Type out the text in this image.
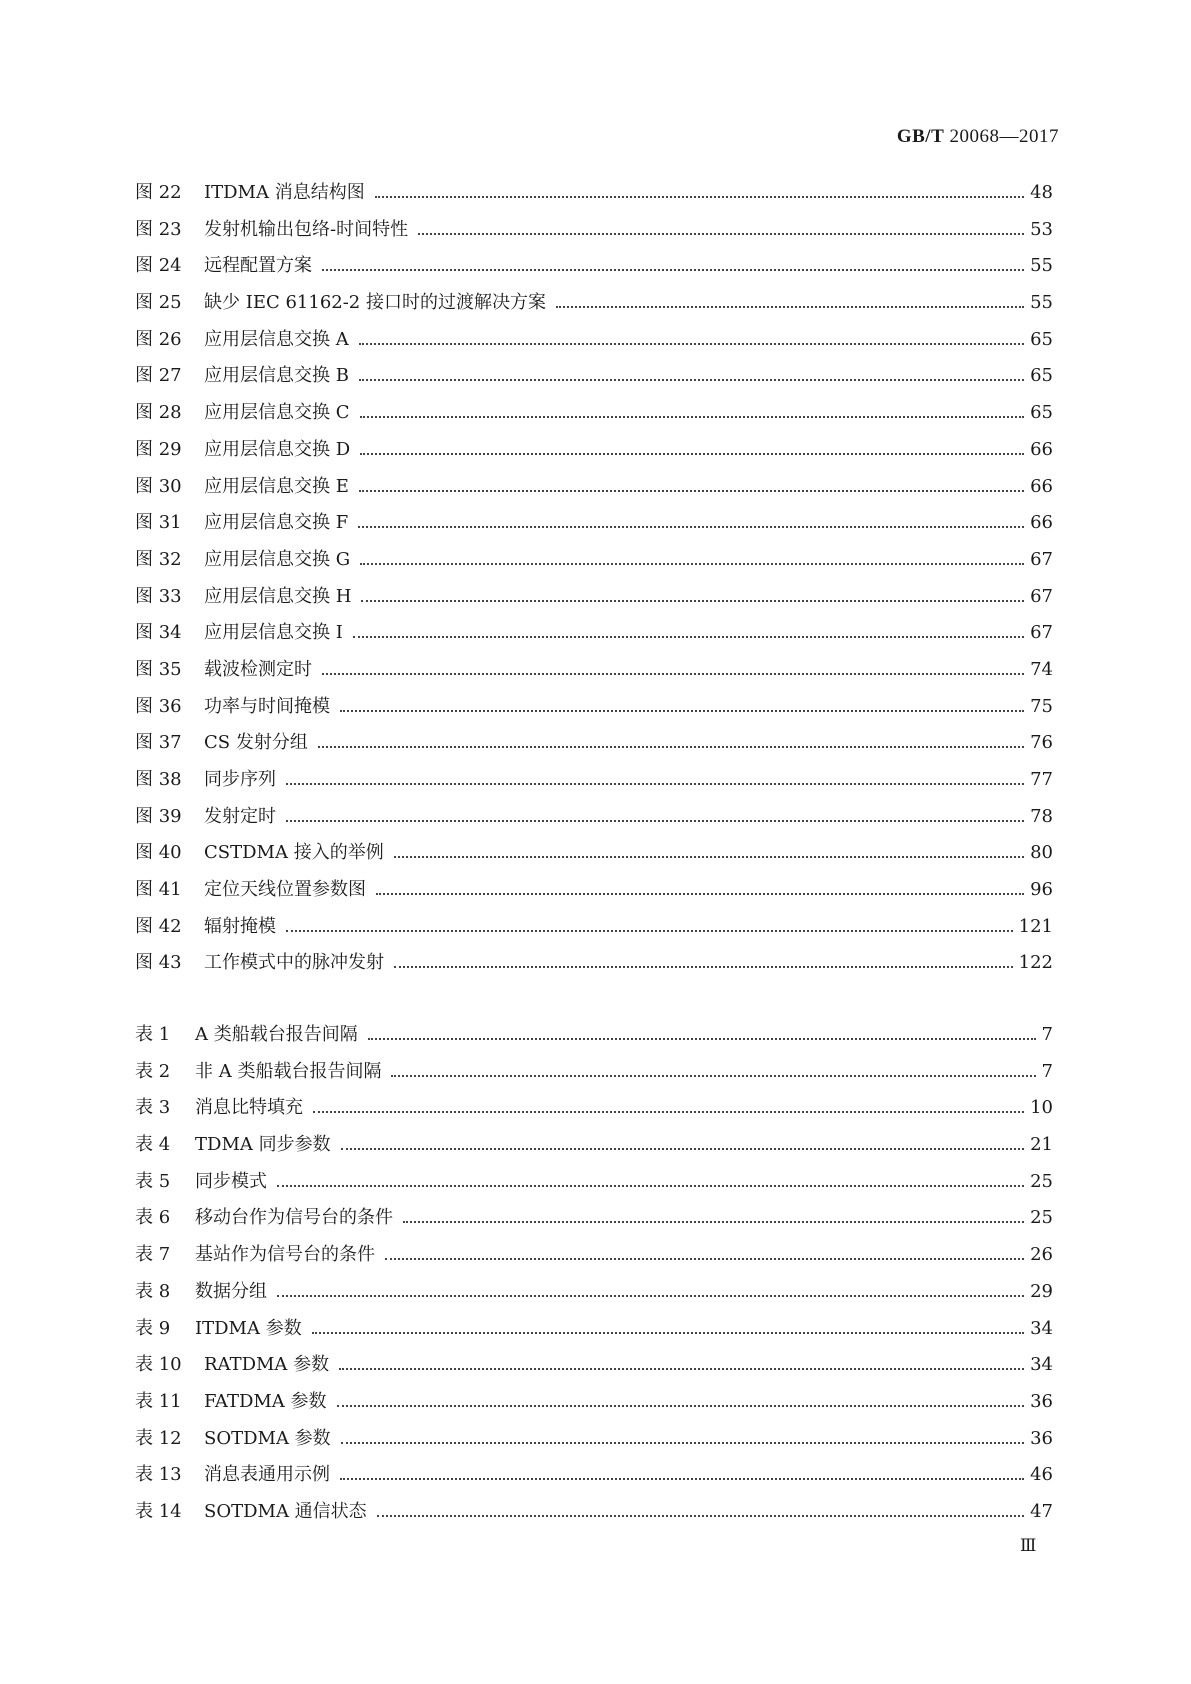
GB/T 20068—2017
图 22	ITDMA 消息结构图	48
图 23	发射机输出包络-时间特性	53
图 24	远程配置方案	55
图 25	缺少 IEC 61162-2 接口时的过渡解决方案	55
图 26	应用层信息交换 A	65
图 27	应用层信息交换 B	65
图 28	应用层信息交换 C	65
图 29	应用层信息交换 D	66
图 30	应用层信息交换 E	66
图 31	应用层信息交换 F	66
图 32	应用层信息交换 G	67
图 33	应用层信息交换 H	67
图 34	应用层信息交换 I	67
图 35	载波检测定时	74
图 36	功率与时间掩模	75
图 37	CS 发射分组	76
图 38	同步序列	77
图 39	发射定时	78
图 40	CSTDMA 接入的举例	80
图 41	定位天线位置参数图	96
图 42	辐射掩模	121
图 43	工作模式中的脉冲发射	122
表 1	A 类船载台报告间隔	7
表 2	非 A 类船载台报告间隔	7
表 3	消息比特填充	10
表 4	TDMA 同步参数	21
表 5	同步模式	25
表 6	移动台作为信号台的条件	25
表 7	基站作为信号台的条件	26
表 8	数据分组	29
表 9	ITDMA 参数	34
表 10	RATDMA 参数	34
表 11	FATDMA 参数	36
表 12	SOTDMA 参数	36
表 13	消息表通用示例	46
表 14	SOTDMA 通信状态	47
Ⅲ
